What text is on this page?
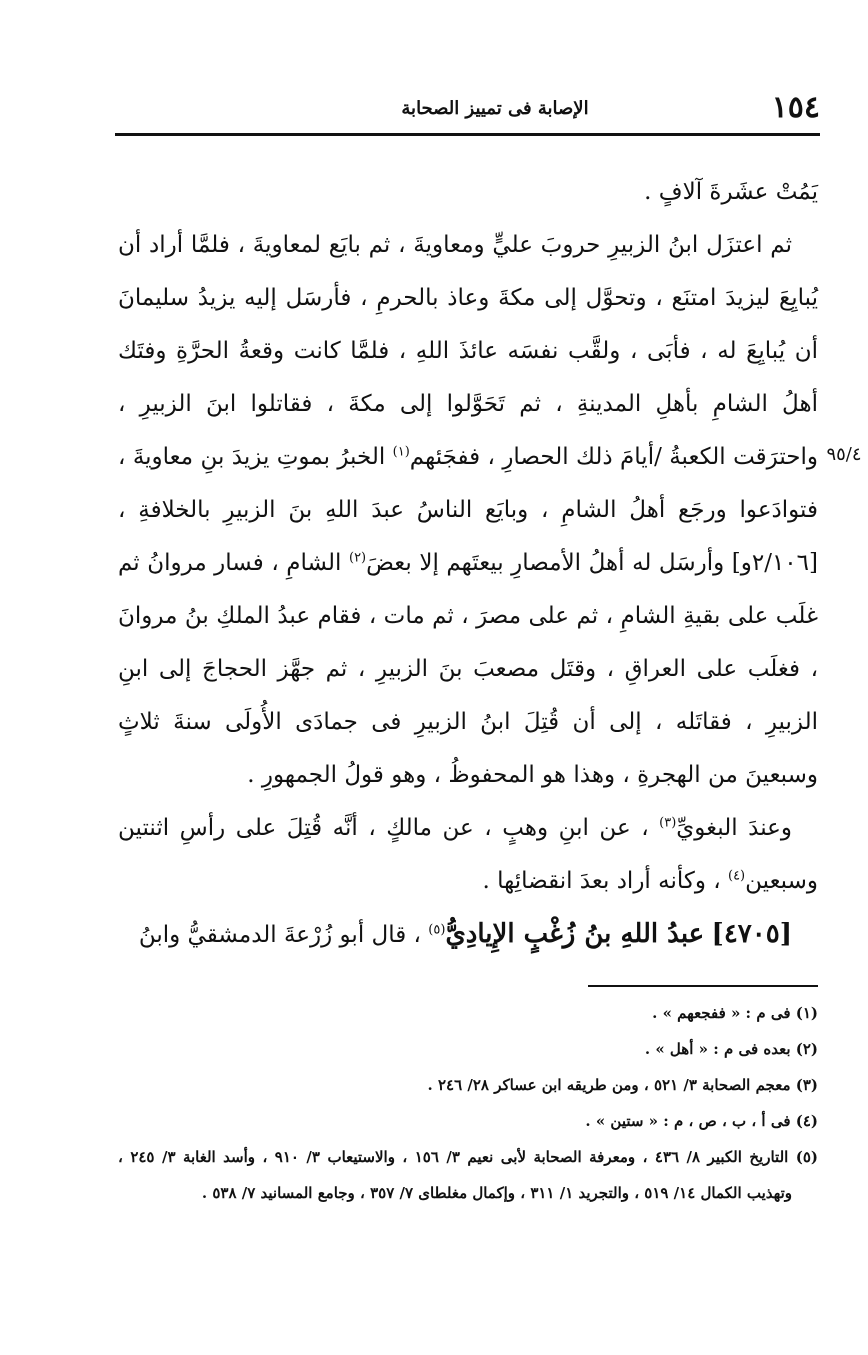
الإصابة فى تمييز الصحابة	١٥٤
٩٥/٤

يَمُتْ عشَرةَ آلافٍ .

ثم اعتزَل ابنُ الزبيرِ حروبَ عليٍّ ومعاويةَ ، ثم بايَع لمعاويةَ ، فلمَّا أراد أن يُبايِعَ ليزيدَ امتنَع ، وتحوَّل إلى مكةَ وعاذ بالحرمِ ، فأرسَل إليه يزيدُ سليمانَ أن يُبايِعَ له ، فأبَى ، ولقَّب نفسَه عائذَ اللهِ ، فلمَّا كانت وقعةُ الحرَّةِ وفتَك أهلُ الشامِ بأهلِ المدينةِ ، ثم تَحَوَّلوا إلى مكةَ ، فقاتلوا ابنَ الزبيرِ ، واحترَقت الكعبةُ /أيامَ ذلك الحصارِ ، ففجَئهم$^{(١)}$ الخبرُ بموتِ يزيدَ بنِ معاويةَ ، فتوادَعوا ورجَع أهلُ الشامِ ، وبايَع الناسُ عبدَ اللهِ بنَ الزبيرِ بالخلافةِ ، [٢/١٠٦و] وأرسَل له أهلُ الأمصارِ بيعتَهم إلا بعضَ$^{(٢)}$ الشامِ ، فسار مروانُ ثم غلَب على بقيةِ الشامِ ، ثم على مصرَ ، ثم مات ، فقام عبدُ الملكِ بنُ مروانَ ، فغلَب على العراقِ ، وقتَل مصعبَ بنَ الزبيرِ ، ثم جهَّز الحجاجَ إلى ابنِ الزبيرِ ، فقاتَله ، إلى أن قُتِلَ ابنُ الزبيرِ فى جمادَى الأُولَى سنةَ ثلاثٍ وسبعينَ من الهجرةِ ، وهذا هو المحفوظُ ، وهو قولُ الجمهورِ .

وعندَ البغويِّ$^{(٣)}$ ، عن ابنِ وهبٍ ، عن مالكٍ ، أنَّه قُتِلَ على رأسِ اثنتين وسبعين$^{(٤)}$ ، وكأنه أراد بعدَ انقضائِها .

[٤٧٠٥] عبدُ اللهِ بنُ زُغْبٍ الإِيادِيُّ$^{(٥)}$ ، قال أبو زُرْعةَ الدمشقيُّ وابنُ

(١) فى م : « ففجعهم » .

(٢) بعده فى م : « أهل » .

(٣) معجم الصحابة ٣/ ٥٢١ ، ومن طريقه ابن عساكر ٢٨/ ٢٤٦ .

(٤) فى أ ، ب ، ص ، م : « ستين » .

(٥) التاريخ الكبير ٨/ ٤٣٦ ، ومعرفة الصحابة لأبى نعيم ٣/ ١٥٦ ، والاستيعاب ٣/ ٩١٠ ، وأسد الغابة ٣/ ٢٤٥ ، وتهذيب الكمال ١٤/ ٥١٩ ، والتجريد ١/ ٣١١ ، وإكمال مغلطاى ٧/ ٣٥٧ ، وجامع المسانيد ٧/ ٥٣٨ .
